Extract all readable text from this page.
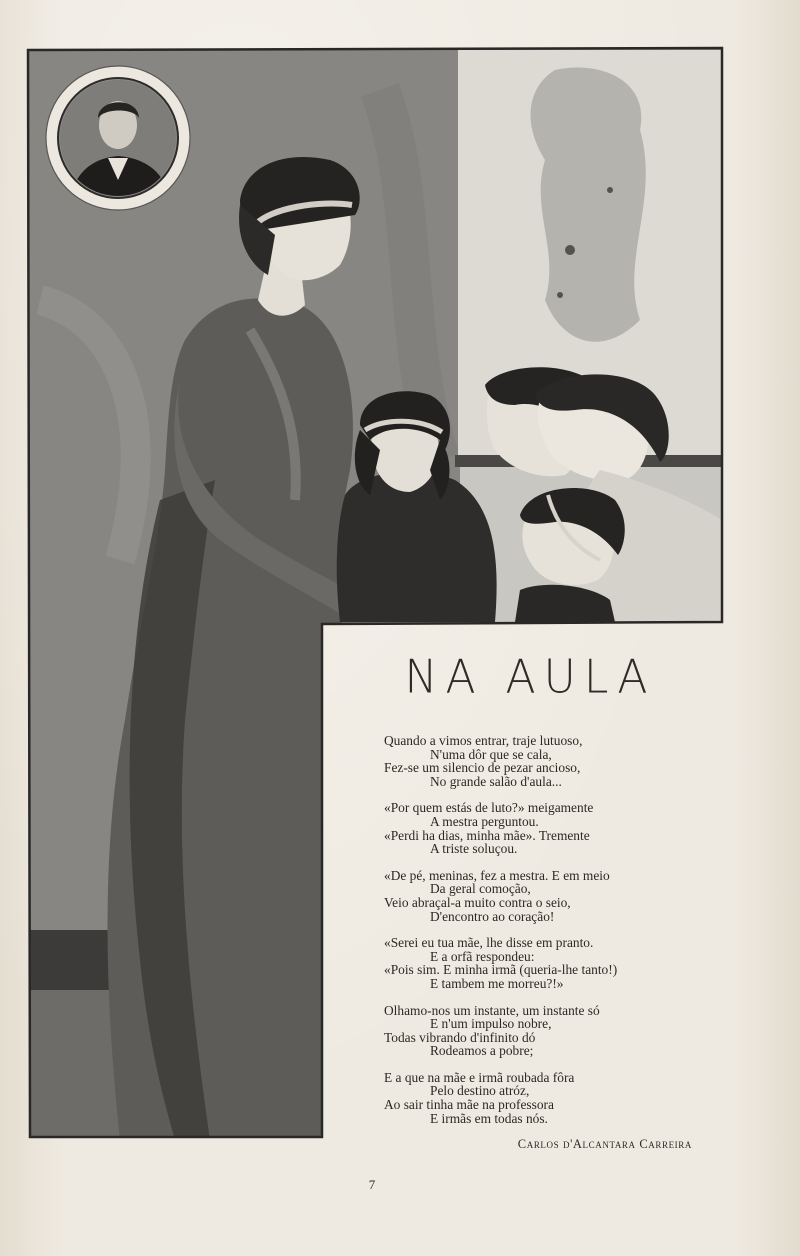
NA AULA
Quando a vimos entrar, traje lutuoso,
N'uma dôr que se cala,
Fez-se um silencio de pezar ancioso,
No grande salão d'aula...
«Por quem estás de luto?» meigamente
A mestra perguntou.
«Perdi ha dias, minha mãe». Tremente
A triste soluçou.
«De pé, meninas, fez a mestra. E em meio
Da geral comoção,
Veio abraçal-a muito contra o seio,
D'encontro ao coração!
«Serei eu tua mãe, lhe disse em pranto.
E a orfã respondeu:
«Pois sim. E minha irmã (queria-lhe tanto!)
E tambem me morreu?!»
Olhamo-nos um instante, um instante só
E n'um impulso nobre,
Todas vibrando d'infinito dó
Rodeamos a pobre;
E a que na mãe e irmã roubada fôra
Pelo destino atróz,
Ao sair tinha mãe na professora
E irmãs em todas nós.
Carlos d'Alcantara Carreira
7
